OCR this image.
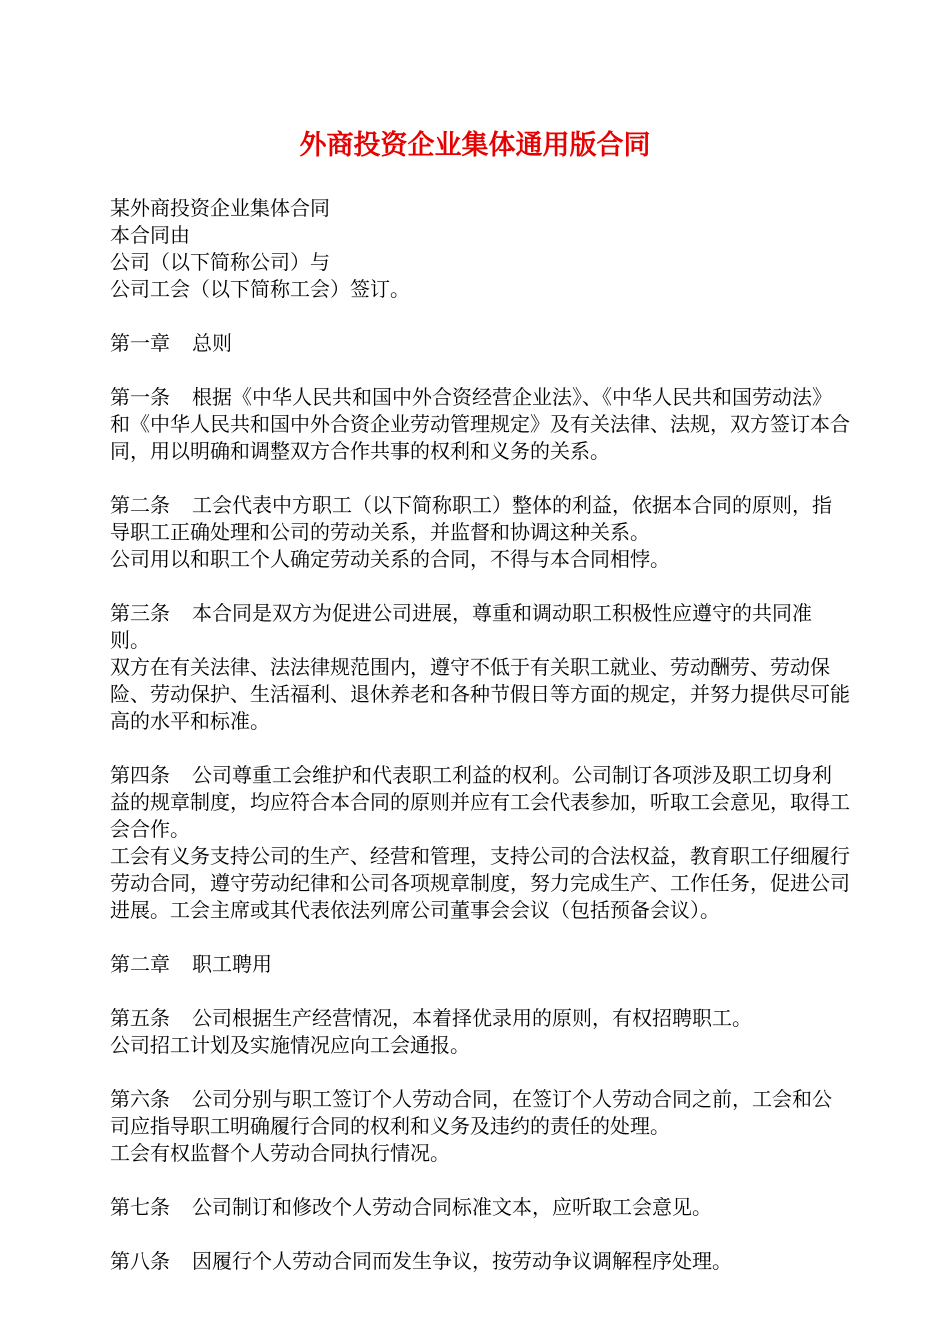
外商投资企业集体通用版合同

某外商投资企业集体合同

本合同由

公司（以下简称公司）与

公司工会（以下简称工会）签订。

第一章 总则

第一条 根据《中华人民共和国中外合资经营企业法》、《中华人民共和国劳动法》和《中华人民共和国中外合资企业劳动管理规定》及有关法律、法规，双方签订本合同，用以明确和调整双方合作共事的权利和义务的关系。

第二条 工会代表中方职工（以下简称职工）整体的利益，依据本合同的原则，指导职工正确处理和公司的劳动关系，并监督和协调这种关系。

公司用以和职工个人确定劳动关系的合同，不得与本合同相悖。

第三条 本合同是双方为促进公司进展，尊重和调动职工积极性应遵守的共同准则。

双方在有关法律、法法律规范围内，遵守不低于有关职工就业、劳动酬劳、劳动保险、劳动保护、生活福利、退休养老和各种节假日等方面的规定，并努力提供尽可能高的水平和标准。

第四条 公司尊重工会维护和代表职工利益的权利。公司制订各项涉及职工切身利益的规章制度，均应符合本合同的原则并应有工会代表参加，听取工会意见，取得工会合作。

工会有义务支持公司的生产、经营和管理，支持公司的合法权益，教育职工仔细履行劳动合同，遵守劳动纪律和公司各项规章制度，努力完成生产、工作任务，促进公司进展。工会主席或其代表依法列席公司董事会会议（包括预备会议）。

第二章 职工聘用

第五条 公司根据生产经营情况，本着择优录用的原则，有权招聘职工。

公司招工计划及实施情况应向工会通报。

第六条 公司分别与职工签订个人劳动合同，在签订个人劳动合同之前，工会和公司应指导职工明确履行合同的权利和义务及违约的责任的处理。

工会有权监督个人劳动合同执行情况。

第七条 公司制订和修改个人劳动合同标准文本，应听取工会意见。

第八条 因履行个人劳动合同而发生争议，按劳动争议调解程序处理。
